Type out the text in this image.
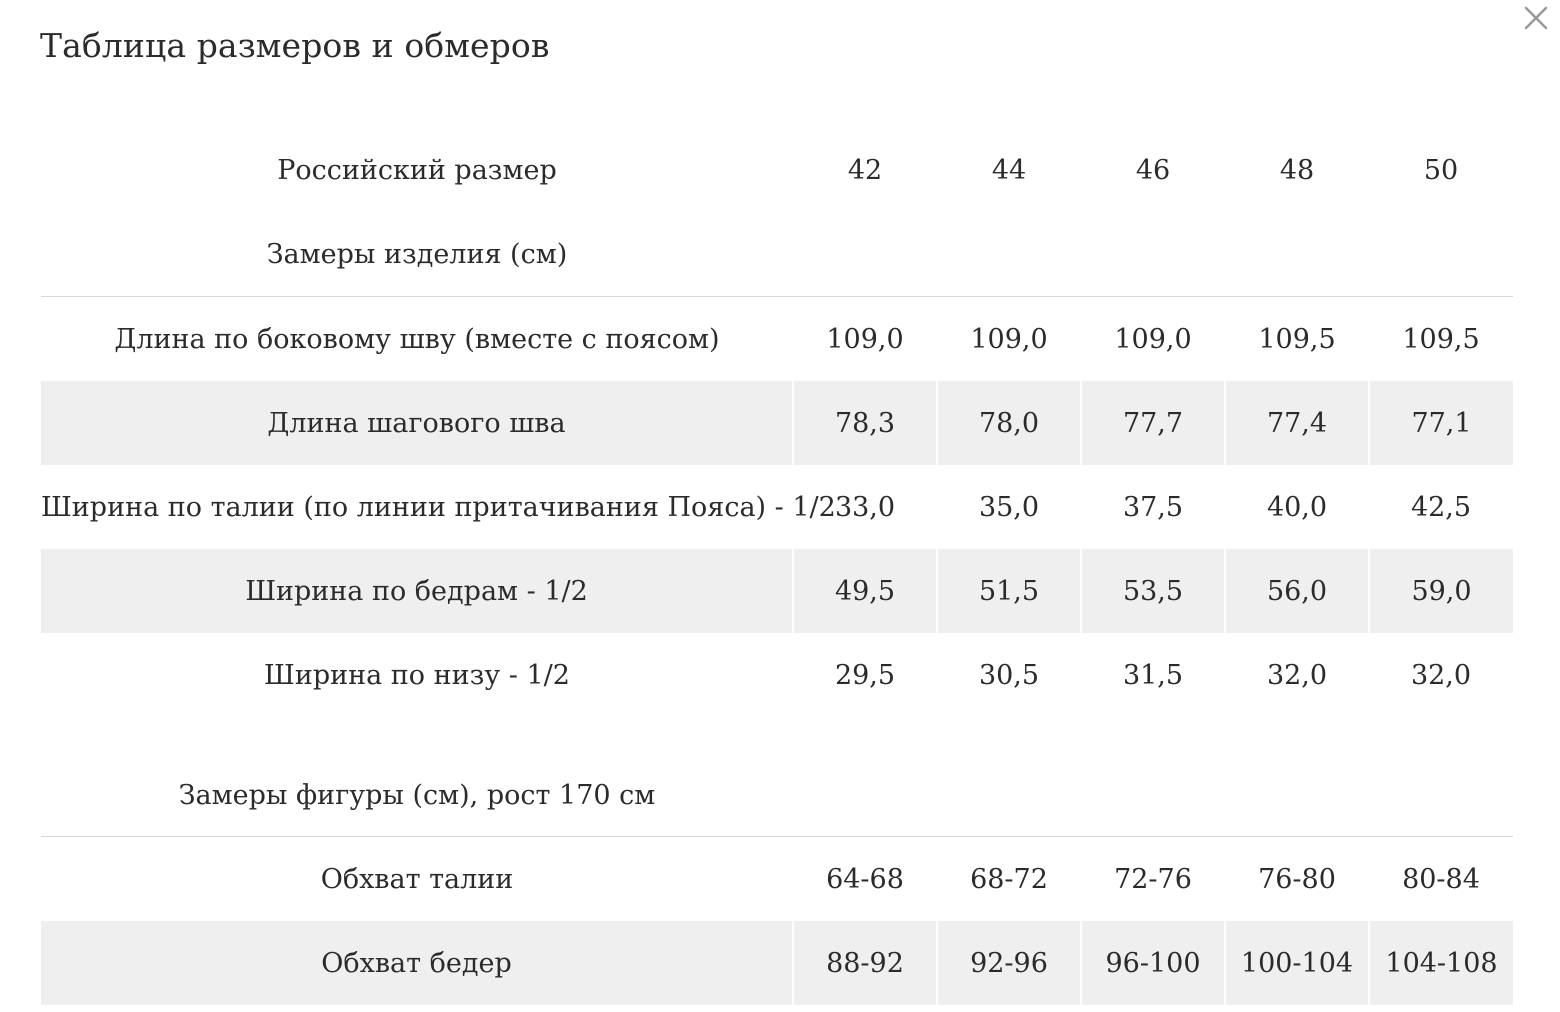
Таблица размеров и обмеров
Российский размер	42	44	46	48	50
Замеры изделия (см)					
Длина по боковому шву (вместе с поясом)	109,0	109,0	109,0	109,5	109,5
Длина шагового шва	78,3	78,0	77,7	77,4	77,1
Ширина по талии (по линии притачивания Пояса) - 1/2	33,0	35,0	37,5	40,0	42,5
Ширина по бедрам - 1/2	49,5	51,5	53,5	56,0	59,0
Ширина по низу - 1/2	29,5	30,5	31,5	32,0	32,0
Замеры фигуры (см), рост 170 см					
Обхват талии	64-68	68-72	72-76	76-80	80-84
Обхват бедер	88-92	92-96	96-100	100-104	104-108
